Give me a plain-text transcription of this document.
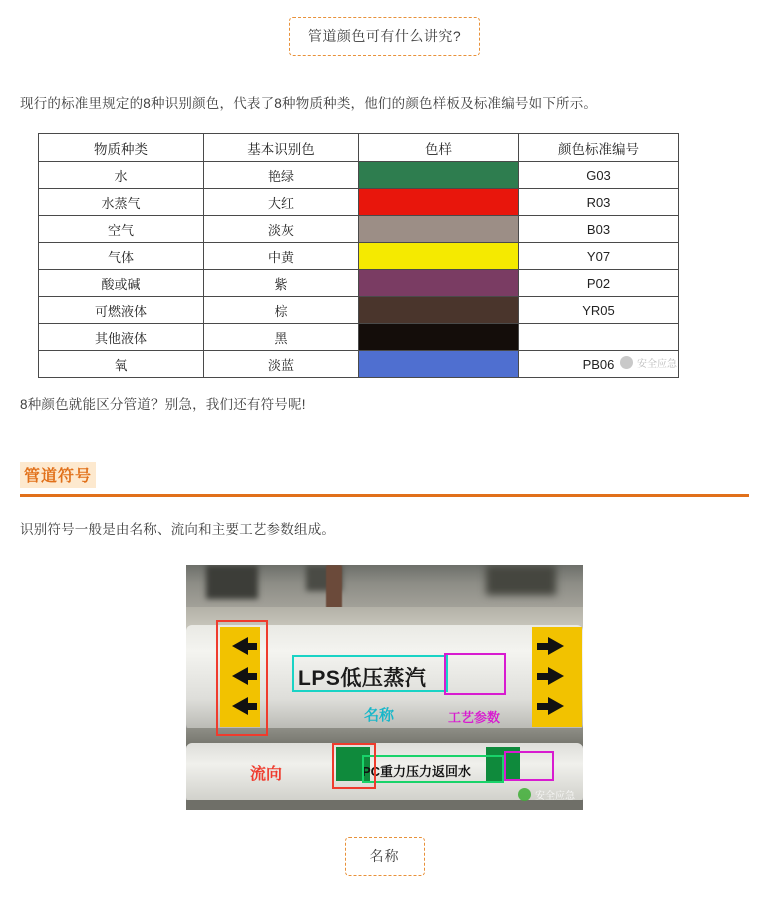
管道颜色可有什么讲究?

现行的标准里规定的8种识别颜色，代表了8种物质种类，他们的颜色样板及标准编号如下所示。

物质种类	基本识别色	色样	颜色标准编号
水	艳绿		G03
水蒸气	大红		R03
空气	淡灰		B03
气体	中黄		Y07
酸或碱	紫		P02
可燃液体	棕		YR05
其他液体	黑	

氧	淡蓝		PB06 安全应急

8种颜色就能区分管道？别急，我们还有符号呢!

管道符号

识别符号一般是由名称、流向和主要工艺参数组成。

LPS低压蒸汽
PC重力压力返回水
名称	工艺参数
流向
安全应急
名称
